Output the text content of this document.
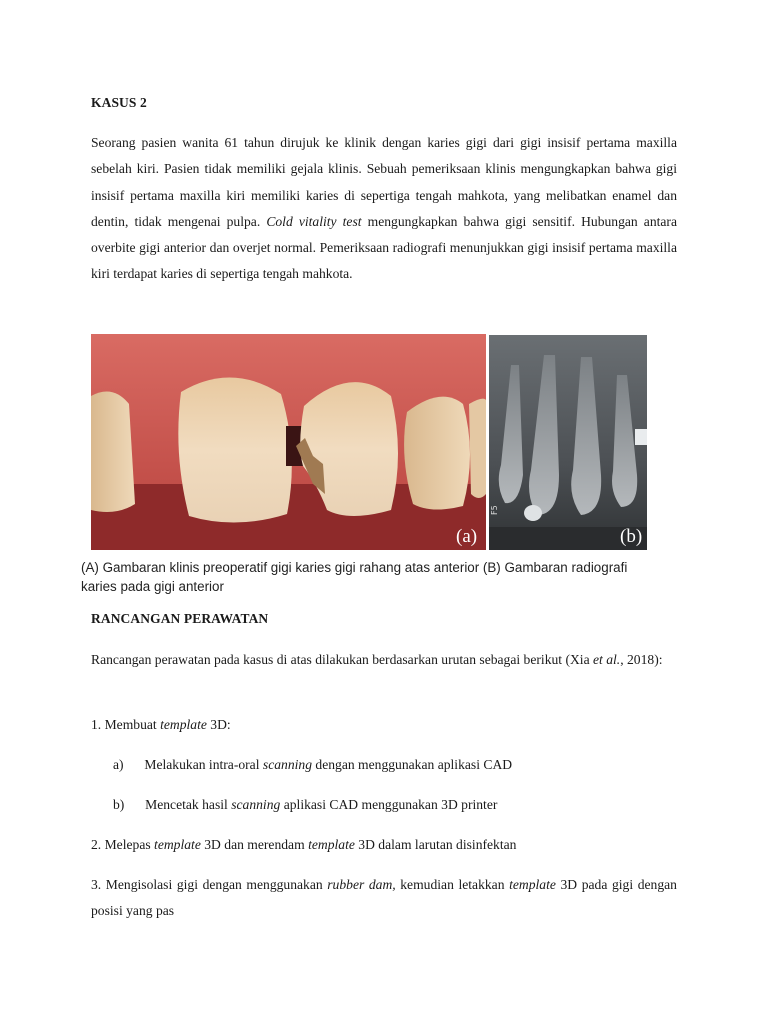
KASUS 2

Seorang pasien wanita 61 tahun dirujuk ke klinik dengan karies gigi dari gigi insisif pertama maxilla sebelah kiri. Pasien tidak memiliki gejala klinis. Sebuah pemeriksaan klinis mengungkapkan bahwa gigi insisif pertama maxilla kiri memiliki karies di sepertiga tengah mahkota, yang melibatkan enamel dan dentin, tidak mengenai pulpa. Cold vitality test mengungkapkan bahwa gigi sensitif. Hubungan antara overbite gigi anterior dan overjet normal. Pemeriksaan radiografi menunjukkan gigi insisif pertama maxilla kiri terdapat karies di sepertiga tengah mahkota.

(a)
F5
(b)
(A) Gambaran klinis preoperatif gigi karies gigi rahang atas anterior (B) Gambaran radiografi karies pada gigi anterior
RANCANGAN PERAWATAN

Rancangan perawatan pada kasus di atas dilakukan berdasarkan urutan sebagai berikut (Xia et al., 2018):

1. Membuat template 3D:
a) Melakukan intra-oral scanning dengan menggunakan aplikasi CAD
b) Mencetak hasil scanning aplikasi CAD menggunakan 3D printer
2. Melepas template 3D dan merendam template 3D dalam larutan disinfektan

3. Mengisolasi gigi dengan menggunakan rubber dam, kemudian letakkan template 3D pada gigi dengan posisi yang pas
